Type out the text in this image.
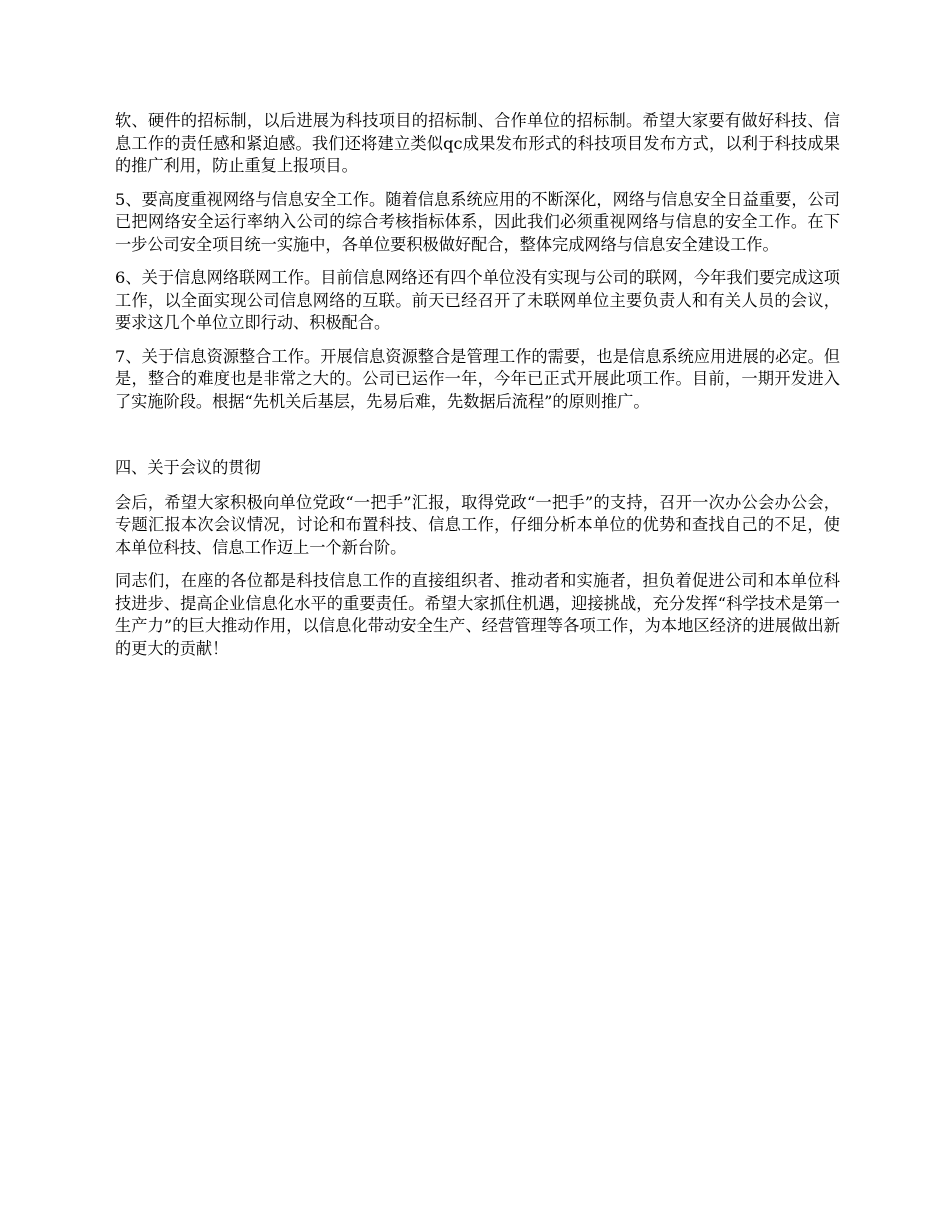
软、硬件的招标制，以后进展为科技项目的招标制、合作单位的招标制。希望大家要有做好科技、信息工作的责任感和紧迫感。我们还将建立类似qc成果发布形式的科技项目发布方式，以利于科技成果的推广利用，防止重复上报项目。

5、要高度重视网络与信息安全工作。随着信息系统应用的不断深化，网络与信息安全日益重要，公司已把网络安全运行率纳入公司的综合考核指标体系，因此我们必须重视网络与信息的安全工作。在下一步公司安全项目统一实施中，各单位要积极做好配合，整体完成网络与信息安全建设工作。

6、关于信息网络联网工作。目前信息网络还有四个单位没有实现与公司的联网，今年我们要完成这项工作，以全面实现公司信息网络的互联。前天已经召开了未联网单位主要负责人和有关人员的会议，要求这几个单位立即行动、积极配合。

7、关于信息资源整合工作。开展信息资源整合是管理工作的需要，也是信息系统应用进展的必定。但是，整合的难度也是非常之大的。公司已运作一年，今年已正式开展此项工作。目前，一期开发进入了实施阶段。根据“先机关后基层，先易后难，先数据后流程”的原则推广。

四、关于会议的贯彻

会后，希望大家积极向单位党政“一把手”汇报，取得党政“一把手”的支持，召开一次办公会办公会，专题汇报本次会议情况，讨论和布置科技、信息工作，仔细分析本单位的优势和查找自己的不足，使本单位科技、信息工作迈上一个新台阶。

同志们，在座的各位都是科技信息工作的直接组织者、推动者和实施者，担负着促进公司和本单位科技进步、提高企业信息化水平的重要责任。希望大家抓住机遇，迎接挑战，充分发挥“科学技术是第一生产力”的巨大推动作用，以信息化带动安全生产、经营管理等各项工作，为本地区经济的进展做出新的更大的贡献！
